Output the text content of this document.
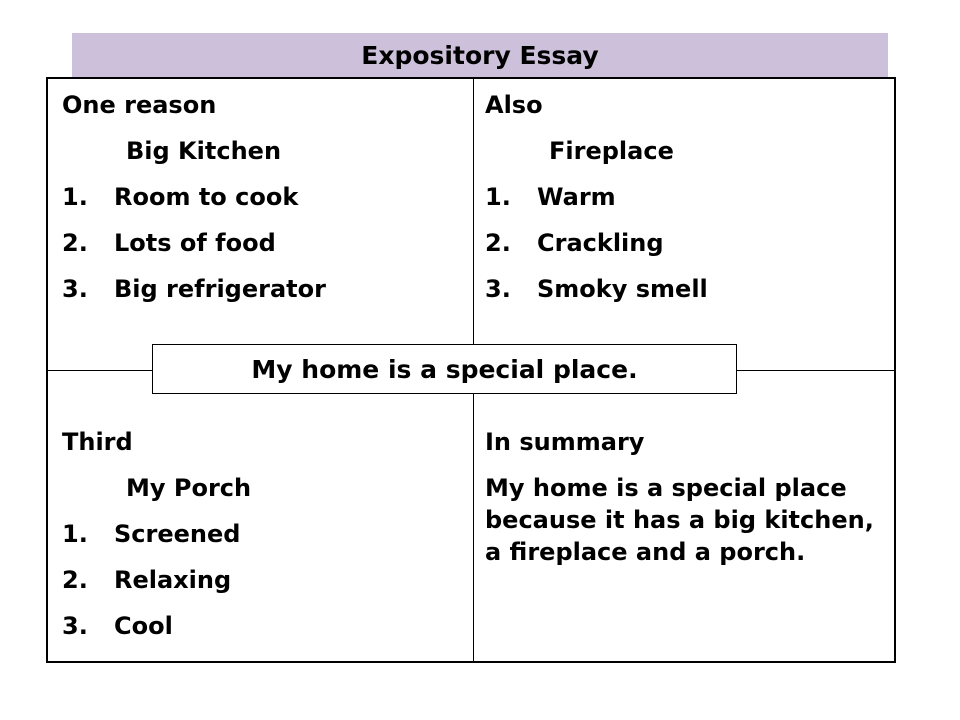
Expository Essay
One reason
Big Kitchen
1. Room to cook
2. Lots of food
3. Big refrigerator
Also
Fireplace
1. Warm
2. Crackling
3. Smoky smell
Third
My Porch
1. Screened
2. Relaxing
3. Cool
In summary
My home is a special place because it has a big kitchen, a fireplace and a porch.
My home is a special place.
